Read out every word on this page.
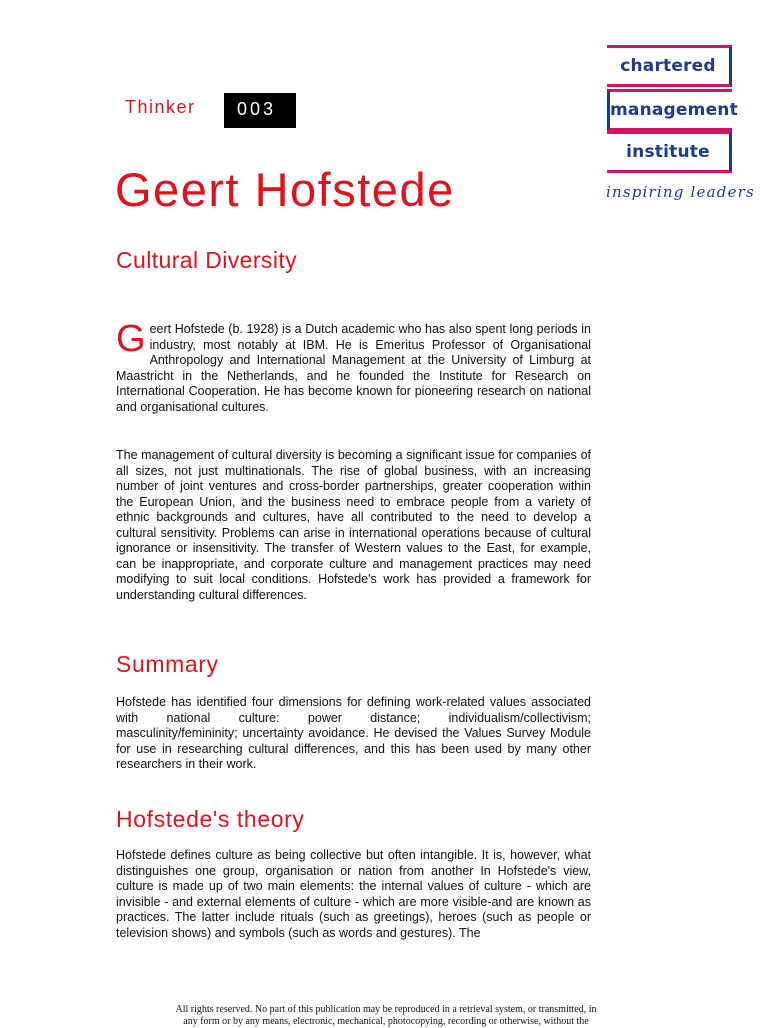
Thinker	003
Geert Hofstede
Cultural Diversity
chartered
management
institute
inspiring leaders
Geert Hofstede (b. 1928) is a Dutch academic who has also spent long periods in industry, most notably at IBM. He is Emeritus Professor of Organisational Anthropology and International Management at the University of Limburg at Maastricht in the Netherlands, and he founded the Institute for Research on International Cooperation. He has become known for pioneering research on national and organisational cultures.
The management of cultural diversity is becoming a significant issue for companies of all sizes, not just multinationals. The rise of global business, with an increasing number of joint ventures and cross-border partnerships, greater cooperation within the European Union, and the business need to embrace people from a variety of ethnic backgrounds and cultures, have all contributed to the need to develop a cultural sensitivity. Problems can arise in international operations because of cultural ignorance or insensitivity. The transfer of Western values to the East, for example, can be inappropriate, and corporate culture and management practices may need modifying to suit local conditions. Hofstede's work has provided a framework for understanding cultural differences.
Summary
Hofstede has identified four dimensions for defining work-related values associated with national culture: power distance; individualism/collectivism; masculinity/femininity; uncertainty avoidance. He devised the Values Survey Module for use in researching cultural differences, and this has been used by many other researchers in their work.
Hofstede's theory
Hofstede defines culture as being collective but often intangible. It is, however, what distinguishes one group, organisation or nation from another In Hofstede's view, culture is made up of two main elements: the internal values of culture - which are invisible - and external elements of culture - which are more visible-and are known as practices. The latter include rituals (such as greetings), heroes (such as people or television shows) and symbols (such as words and gestures). The
All rights reserved. No part of this publication may be reproduced in a retrieval system, or transmitted, in
any form or by any means, electronic, mechanical, photocopying, recording or otherwise, without the
